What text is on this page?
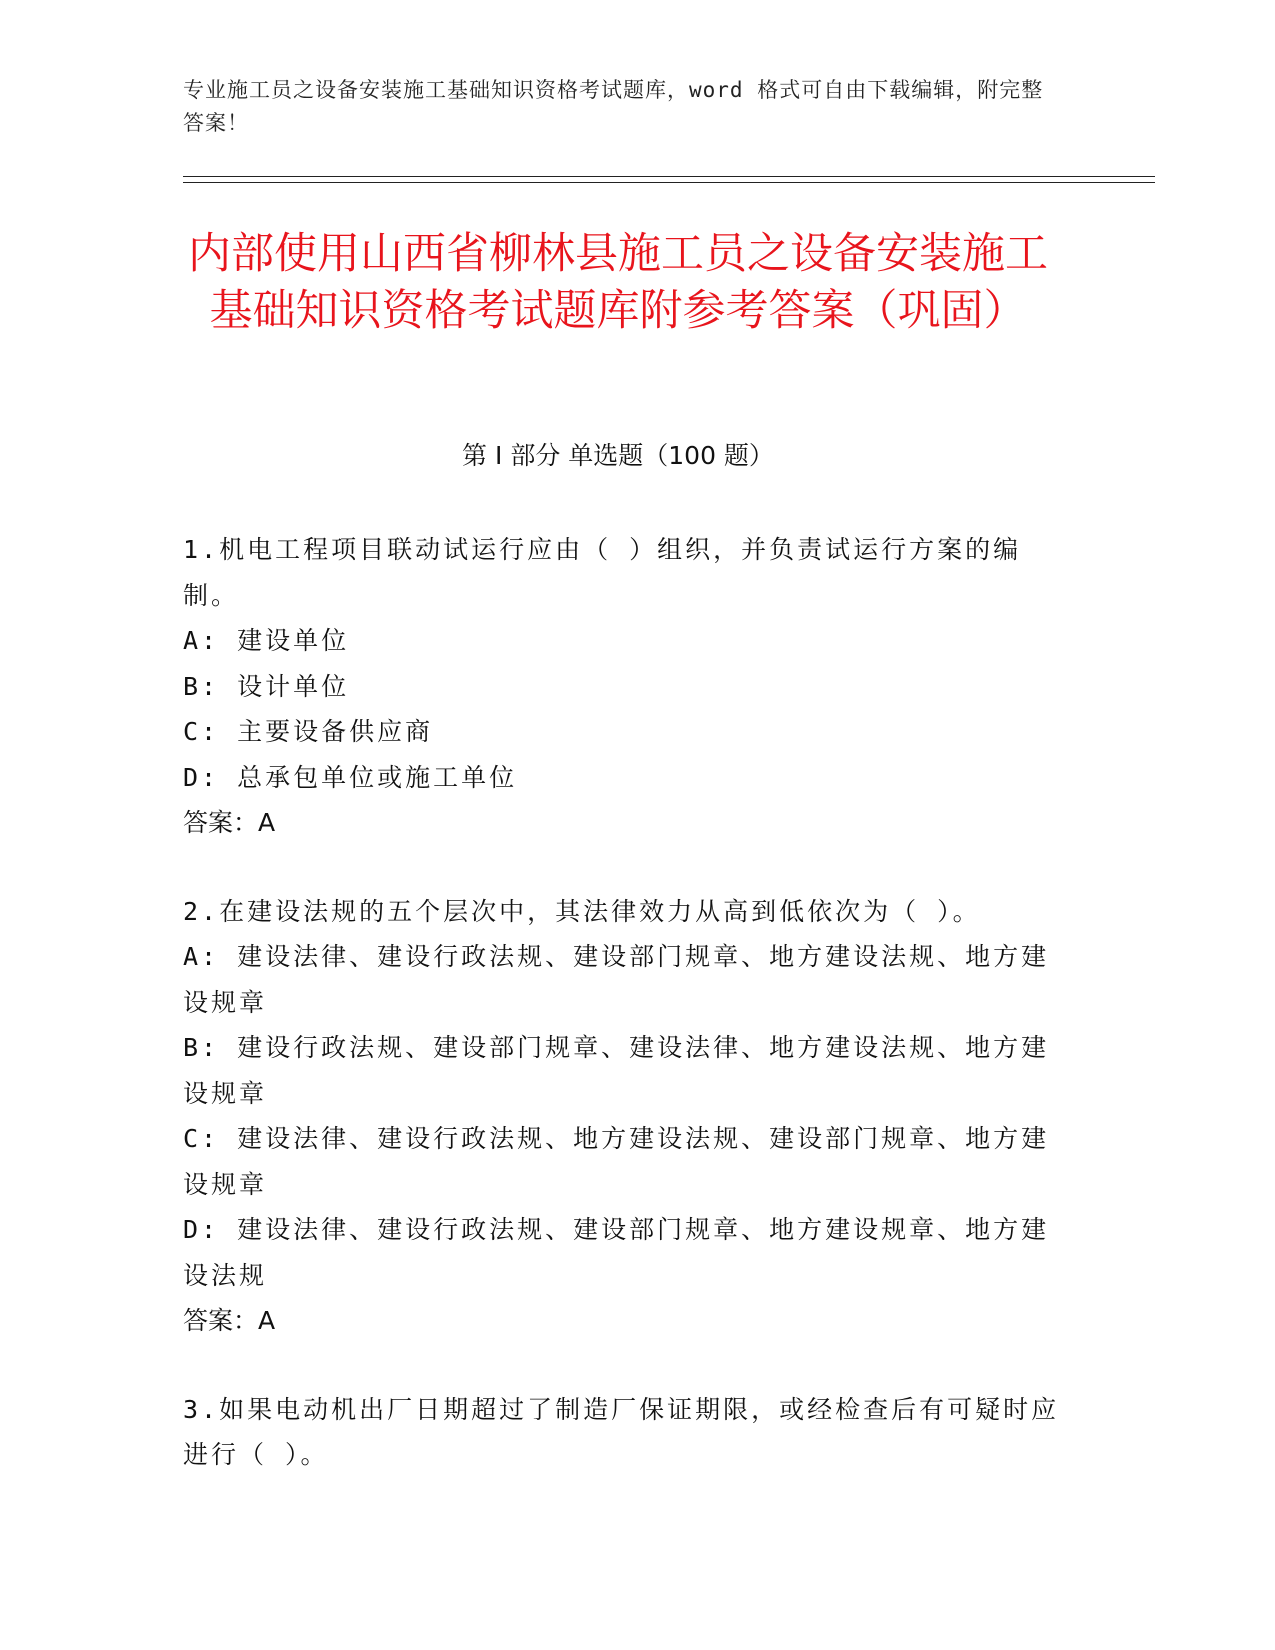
专业施工员之设备安装施工基础知识资格考试题库，word 格式可自由下载编辑，附完整答案！
内部使用山西省柳林县施工员之设备安装施工基础知识资格考试题库附参考答案（巩固）
第 I 部分 单选题（100 题）
1.机电工程项目联动试运行应由（ ）组织，并负责试运行方案的编制。
A: 建设单位
B: 设计单位
C: 主要设备供应商
D: 总承包单位或施工单位
答案：A
2.在建设法规的五个层次中，其法律效力从高到低依次为（ ）。
A: 建设法律、建设行政法规、建设部门规章、地方建设法规、地方建设规章
B: 建设行政法规、建设部门规章、建设法律、地方建设法规、地方建设规章
C: 建设法律、建设行政法规、地方建设法规、建设部门规章、地方建设规章
D: 建设法律、建设行政法规、建设部门规章、地方建设规章、地方建设法规
答案：A
3.如果电动机出厂日期超过了制造厂保证期限，或经检查后有可疑时应进行（ ）。
